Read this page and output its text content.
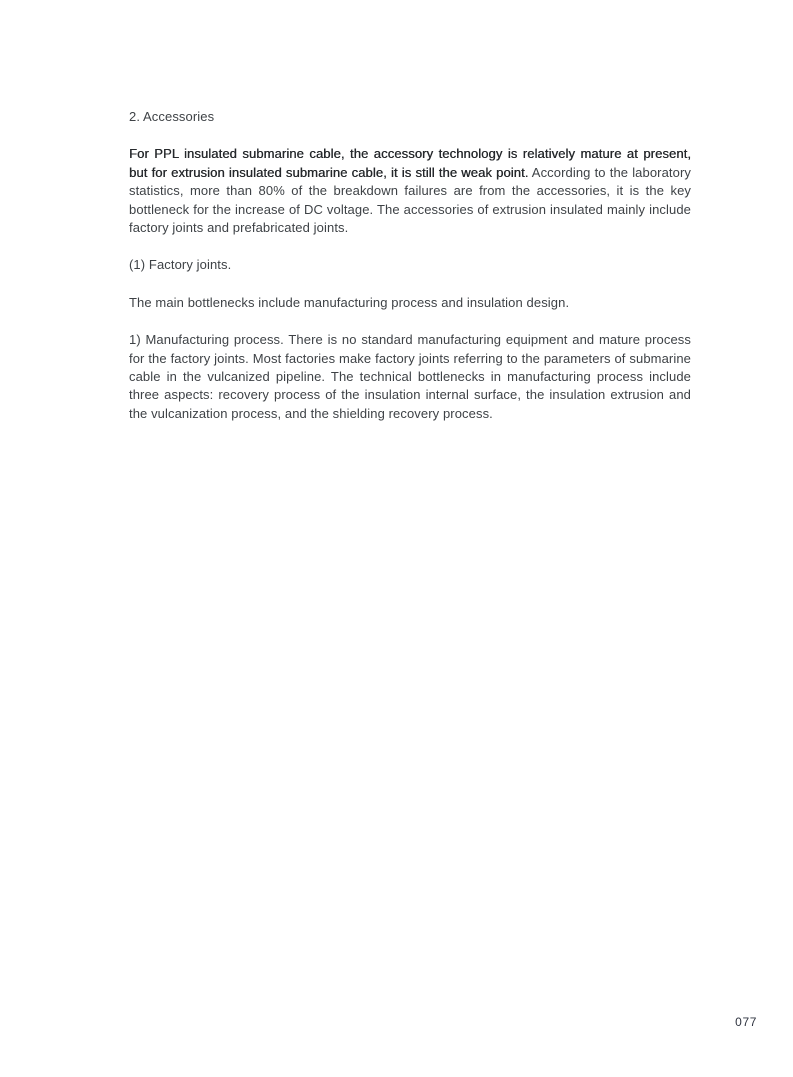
2. Accessories

For PPL insulated submarine cable, the accessory technology is relatively mature at present, but for extrusion insulated submarine cable, it is still the weak point. According to the laboratory statistics, more than 80% of the breakdown failures are from the accessories, it is the key bottleneck for the increase of DC voltage. The accessories of extrusion insulated mainly include factory joints and prefabricated joints.

(1) Factory joints.

The main bottlenecks include manufacturing process and insulation design.

1) Manufacturing process. There is no standard manufacturing equipment and mature process for the factory joints. Most factories make factory joints referring to the parameters of submarine cable in the vulcanized pipeline. The technical bottlenecks in manufacturing process include three aspects: recovery process of the insulation internal surface, the insulation extrusion and the vulcanization process, and the shielding recovery process.

077
